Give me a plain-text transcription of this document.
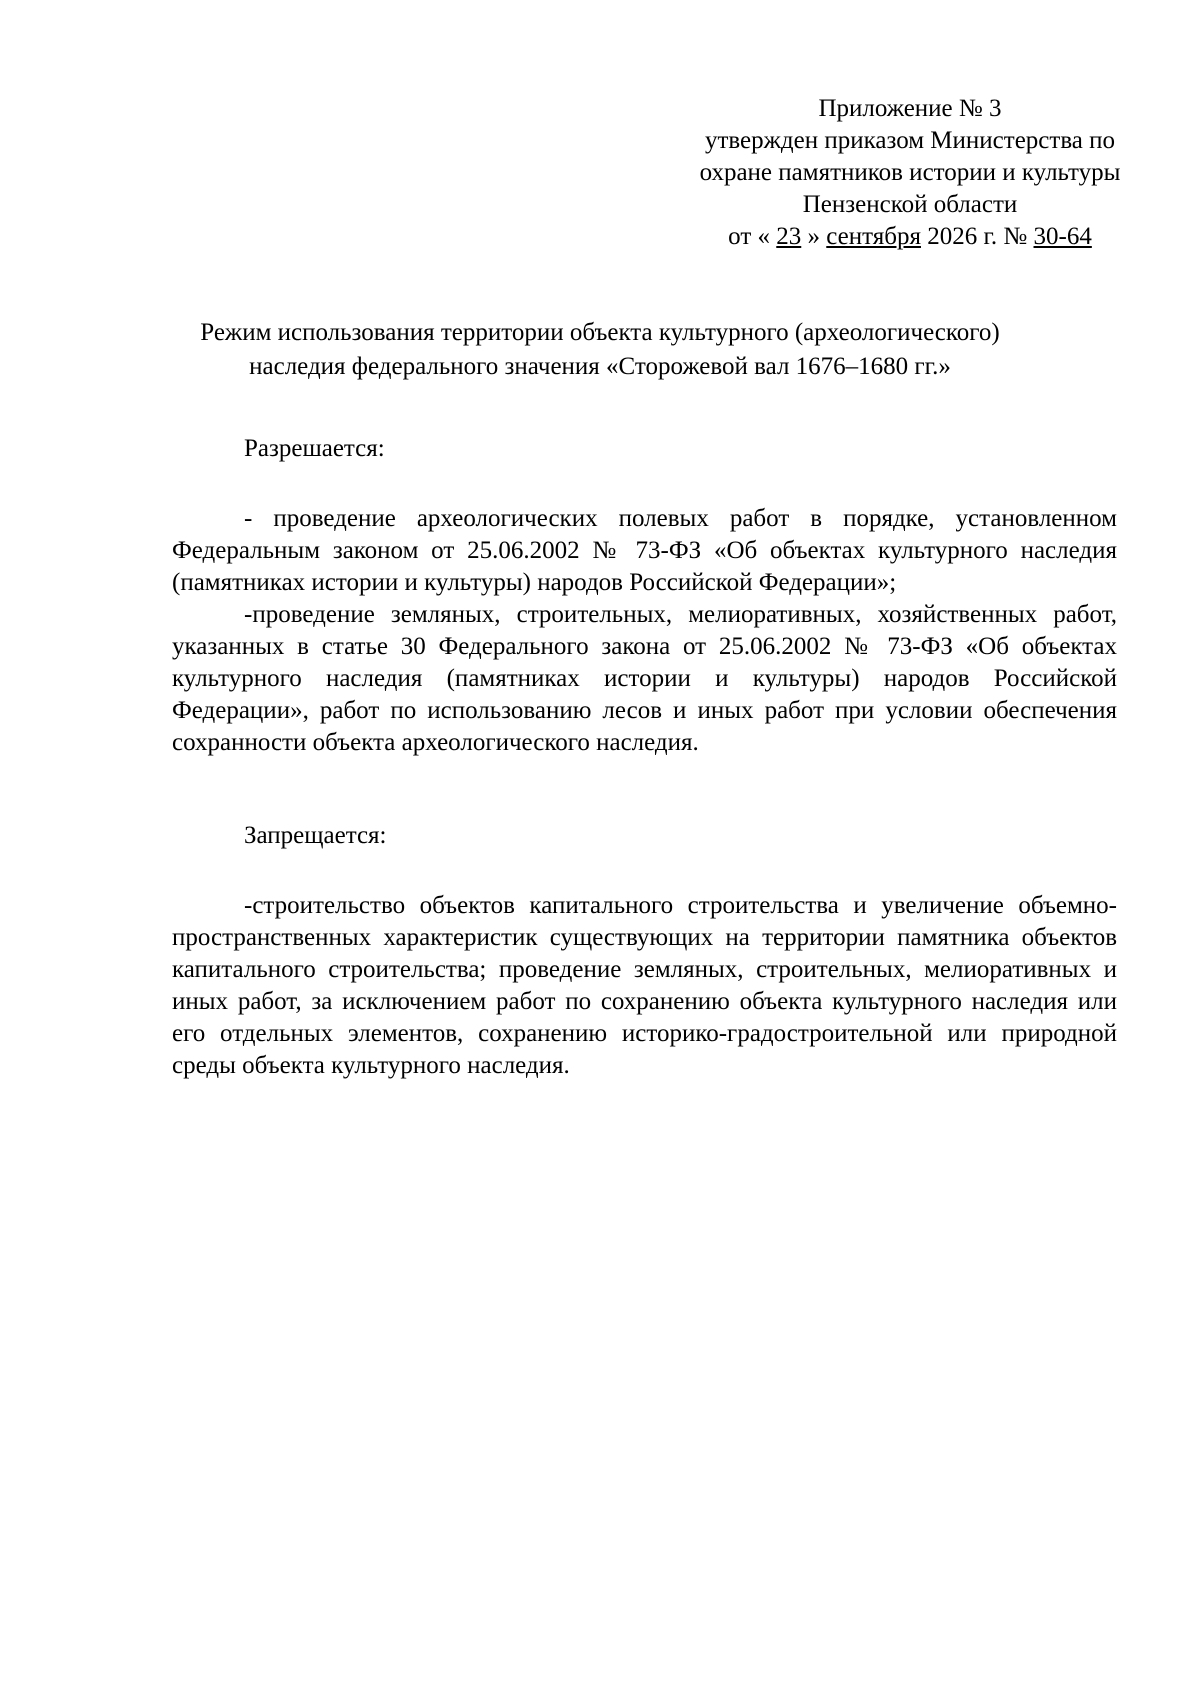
Приложение № 3
утвержден приказом Министерства по
охране памятников истории и культуры
Пензенской области
от « 23 » сентября 2026 г. № 30-64
Режим использования территории объекта культурного (археологического)
наследия федерального значения «Сторожевой вал 1676–1680 гг.»
Разрешается:

- проведение археологических полевых работ в порядке, установленном Федеральным законом от 25.06.2002 № 73-ФЗ «Об объектах культурного наследия (памятниках истории и культуры) народов Российской Федерации»;

-проведение земляных, строительных, мелиоративных, хозяйственных работ, указанных в статье 30 Федерального закона от 25.06.2002 № 73-ФЗ «Об объектах культурного наследия (памятниках истории и культуры) народов Российской Федерации», работ по использованию лесов и иных работ при условии обеспечения сохранности объекта археологического наследия.

Запрещается:

-строительство объектов капитального строительства и увеличение объемно-пространственных характеристик существующих на территории памятника объектов капитального строительства; проведение земляных, строительных, мелиоративных и иных работ, за исключением работ по сохранению объекта культурного наследия или его отдельных элементов, сохранению историко-градостроительной или природной среды объекта культурного наследия.
